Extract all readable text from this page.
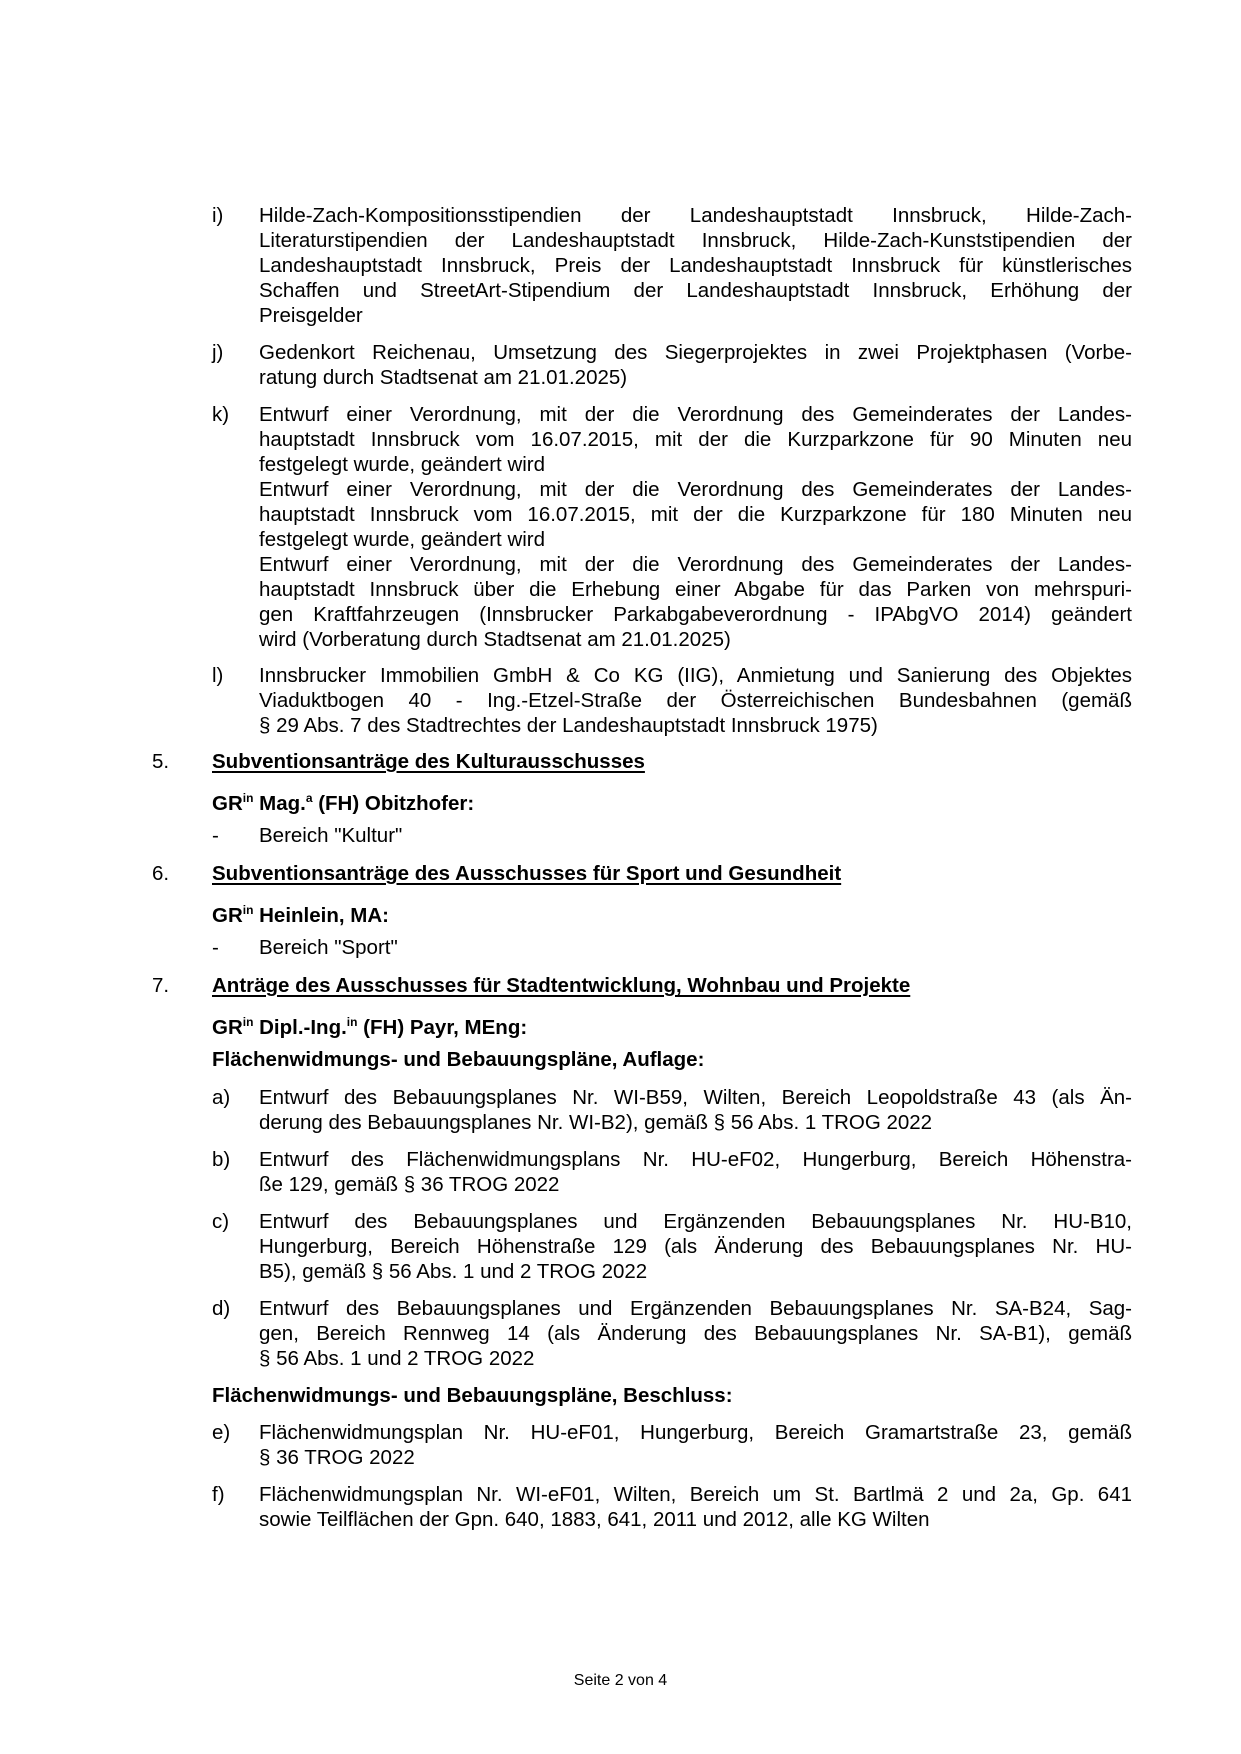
i) Hilde-Zach-Kompositionsstipendien der Landeshauptstadt Innsbruck, Hilde-Zach-
Literaturstipendien der Landeshauptstadt Innsbruck, Hilde-Zach-Kunststipendien der
Landeshauptstadt Innsbruck, Preis der Landeshauptstadt Innsbruck für künstlerisches
Schaffen und StreetArt-Stipendium der Landeshauptstadt Innsbruck, Erhöhung der
Preisgelder
j) Gedenkort Reichenau, Umsetzung des Siegerprojektes in zwei Projektphasen (Vorbe-
ratung durch Stadtsenat am 21.01.2025)
k) Entwurf einer Verordnung, mit der die Verordnung des Gemeinderates der Landes-
hauptstadt Innsbruck vom 16.07.2015, mit der die Kurzparkzone für 90 Minuten neu
festgelegt wurde, geändert wird
Entwurf einer Verordnung, mit der die Verordnung des Gemeinderates der Landes-
hauptstadt Innsbruck vom 16.07.2015, mit der die Kurzparkzone für 180 Minuten neu
festgelegt wurde, geändert wird
Entwurf einer Verordnung, mit der die Verordnung des Gemeinderates der Landes-
hauptstadt Innsbruck über die Erhebung einer Abgabe für das Parken von mehrspuri-
gen Kraftfahrzeugen (Innsbrucker Parkabgabeverordnung - IPAbgVO 2014) geändert
wird (Vorberatung durch Stadtsenat am 21.01.2025)
l) Innsbrucker Immobilien GmbH & Co KG (IIG), Anmietung und Sanierung des Objektes
Viaduktbogen 40 - Ing.-Etzel-Straße der Österreichischen Bundesbahnen (gemäß
§ 29 Abs. 7 des Stadtrechtes der Landeshauptstadt Innsbruck 1975)
5. Subventionsanträge des Kulturausschusses
$GR^{in}$ Mag.$^a$ (FH) Obitzhofer:
- Bereich "Kultur"
6. Subventionsanträge des Ausschusses für Sport und Gesundheit
$GR^{in}$ Heinlein, MA:
- Bereich "Sport"
7. Anträge des Ausschusses für Stadtentwicklung, Wohnbau und Projekte
$GR^{in}$ Dipl.-Ing.$^{in}$ (FH) Payr, MEng:
Flächenwidmungs- und Bebauungspläne, Auflage:
a) Entwurf des Bebauungsplanes Nr. WI-B59, Wilten, Bereich Leopoldstraße 43 (als Än-
derung des Bebauungsplanes Nr. WI-B2), gemäß § 56 Abs. 1 TROG 2022
b) Entwurf des Flächenwidmungsplans Nr. HU-eF02, Hungerburg, Bereich Höhenstra-
ße 129, gemäß § 36 TROG 2022
c) Entwurf des Bebauungsplanes und Ergänzenden Bebauungsplanes Nr. HU-B10,
Hungerburg, Bereich Höhenstraße 129 (als Änderung des Bebauungsplanes Nr. HU-
B5), gemäß § 56 Abs. 1 und 2 TROG 2022
d) Entwurf des Bebauungsplanes und Ergänzenden Bebauungsplanes Nr. SA-B24, Sag-
gen, Bereich Rennweg 14 (als Änderung des Bebauungsplanes Nr. SA-B1), gemäß
§ 56 Abs. 1 und 2 TROG 2022
Flächenwidmungs- und Bebauungspläne, Beschluss:
e) Flächenwidmungsplan Nr. HU-eF01, Hungerburg, Bereich Gramartstraße 23, gemäß
§ 36 TROG 2022
f) Flächenwidmungsplan Nr. WI-eF01, Wilten, Bereich um St. Bartlmä 2 und 2a, Gp. 641
sowie Teilflächen der Gpn. 640, 1883, 641, 2011 und 2012, alle KG Wilten
Seite 2 von 4
